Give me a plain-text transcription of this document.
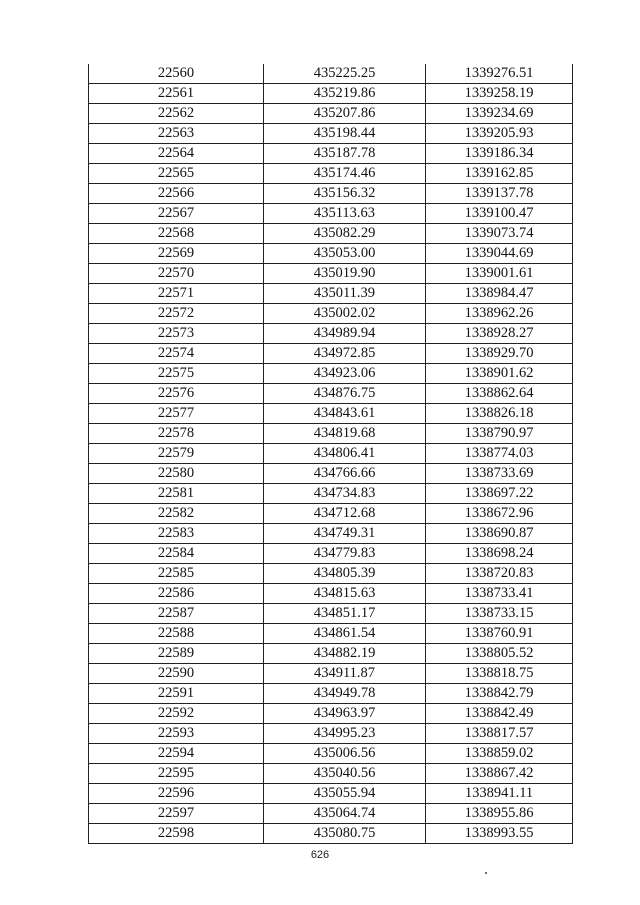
22560	435225.25	1339276.51
22561	435219.86	1339258.19
22562	435207.86	1339234.69
22563	435198.44	1339205.93
22564	435187.78	1339186.34
22565	435174.46	1339162.85
22566	435156.32	1339137.78
22567	435113.63	1339100.47
22568	435082.29	1339073.74
22569	435053.00	1339044.69
22570	435019.90	1339001.61
22571	435011.39	1338984.47
22572	435002.02	1338962.26
22573	434989.94	1338928.27
22574	434972.85	1338929.70
22575	434923.06	1338901.62
22576	434876.75	1338862.64
22577	434843.61	1338826.18
22578	434819.68	1338790.97
22579	434806.41	1338774.03
22580	434766.66	1338733.69
22581	434734.83	1338697.22
22582	434712.68	1338672.96
22583	434749.31	1338690.87
22584	434779.83	1338698.24
22585	434805.39	1338720.83
22586	434815.63	1338733.41
22587	434851.17	1338733.15
22588	434861.54	1338760.91
22589	434882.19	1338805.52
22590	434911.87	1338818.75
22591	434949.78	1338842.79
22592	434963.97	1338842.49
22593	434995.23	1338817.57
22594	435006.56	1338859.02
22595	435040.56	1338867.42
22596	435055.94	1338941.11
22597	435064.74	1338955.86
22598	435080.75	1338993.55
626
